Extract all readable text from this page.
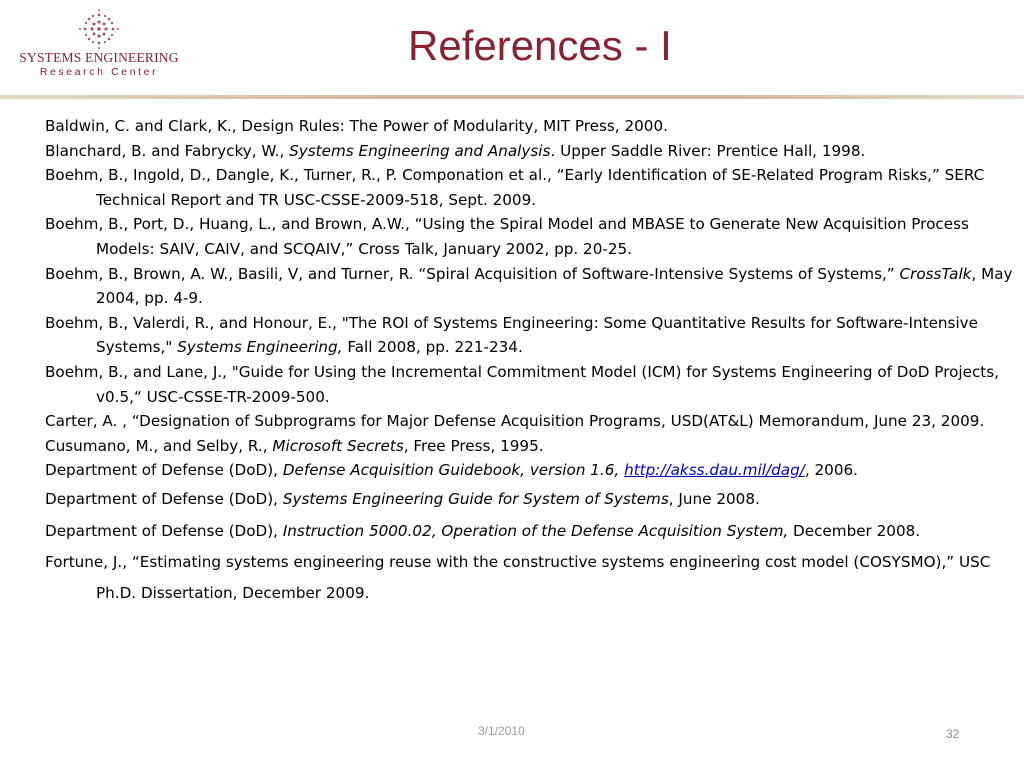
SYSTEMS ENGINEERING
Research Center
References - I

Baldwin, C. and Clark, K., Design Rules: The Power of Modularity, MIT Press, 2000.

Blanchard, B. and Fabrycky, W., Systems Engineering and Analysis. Upper Saddle River: Prentice Hall, 1998.

Boehm, B., Ingold, D., Dangle, K., Turner, R., P. Componation et al., “Early Identification of SE-Related Program Risks,” SERC Technical Report and TR USC-CSSE-2009-518, Sept. 2009.

Boehm, B., Port, D., Huang, L., and Brown, A.W., “Using the Spiral Model and MBASE to Generate New Acquisition Process Models: SAIV, CAIV, and SCQAIV,” Cross Talk, January 2002, pp. 20-25.

Boehm, B., Brown, A. W., Basili, V, and Turner, R. “Spiral Acquisition of Software-Intensive Systems of Systems,” CrossTalk, May 2004, pp. 4-9.

Boehm, B., Valerdi, R., and Honour, E., "The ROI of Systems Engineering: Some Quantitative Results for Software-Intensive Systems," Systems Engineering, Fall 2008, pp. 221-234.

Boehm, B., and Lane, J., "Guide for Using the Incremental Commitment Model (ICM) for Systems Engineering of DoD Projects, v0.5,“ USC-CSSE-TR-2009-500.

Carter, A. , “Designation of Subprograms for Major Defense Acquisition Programs, USD(AT&L) Memorandum, June 23, 2009.

Cusumano, M., and Selby, R., Microsoft Secrets, Free Press, 1995.

Department of Defense (DoD), Defense Acquisition Guidebook, version 1.6, http://akss.dau.mil/dag/, 2006.

Department of Defense (DoD), Systems Engineering Guide for System of Systems, June 2008.

Department of Defense (DoD), Instruction 5000.02, Operation of the Defense Acquisition System, December 2008.

Fortune, J., “Estimating systems engineering reuse with the constructive systems engineering cost model (COSYSMO),” USC Ph.D. Dissertation, December 2009.

3/1/2010	32
